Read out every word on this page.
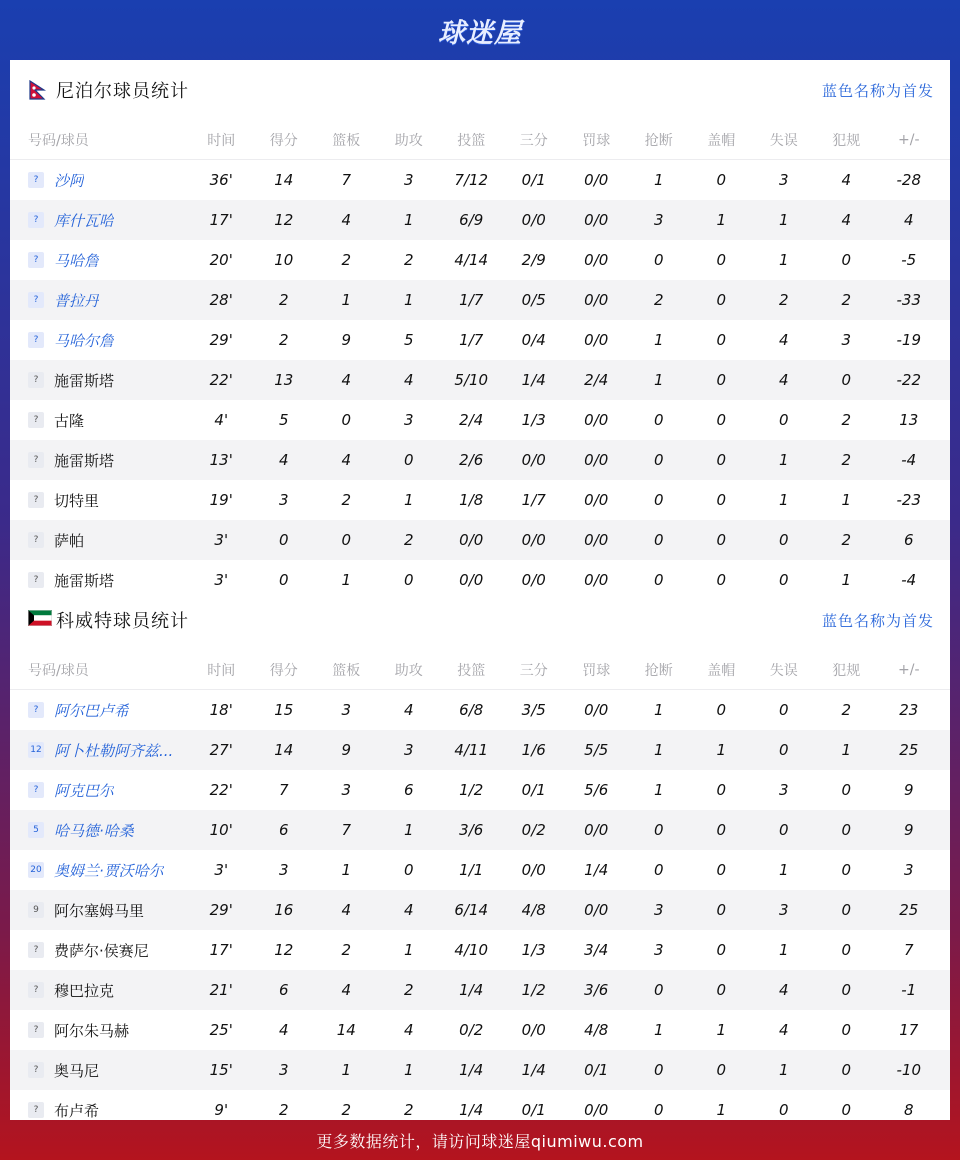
球迷屋
尼泊尔球员统计	蓝色名称为首发
号码/球员	时间	得分	篮板	助攻	投篮	三分	罚球	抢断	盖帽	失误	犯规	+/-
?	沙阿	36'	14	7	3	7/12	0/1	0/0	1	0	3	4	-28
?	库什瓦哈	17'	12	4	1	6/9	0/0	0/0	3	1	1	4	4
?	马哈詹	20'	10	2	2	4/14	2/9	0/0	0	0	1	0	-5
?	普拉丹	28'	2	1	1	1/7	0/5	0/0	2	0	2	2	-33
?	马哈尔詹	29'	2	9	5	1/7	0/4	0/0	1	0	4	3	-19
?	施雷斯塔	22'	13	4	4	5/10	1/4	2/4	1	0	4	0	-22
?	古隆	4'	5	0	3	2/4	1/3	0/0	0	0	0	2	13
?	施雷斯塔	13'	4	4	0	2/6	0/0	0/0	0	0	1	2	-4
?	切特里	19'	3	2	1	1/8	1/7	0/0	0	0	1	1	-23
?	萨帕	3'	0	0	2	0/0	0/0	0/0	0	0	0	2	6
?	施雷斯塔	3'	0	1	0	0/0	0/0	0/0	0	0	0	1	-4
科威特球员统计	蓝色名称为首发
号码/球员	时间	得分	篮板	助攻	投篮	三分	罚球	抢断	盖帽	失误	犯规	+/-
?	阿尔巴卢希	18'	15	3	4	6/8	3/5	0/0	1	0	0	2	23
12 阿卜杜勒阿齐兹...	27'	14	9	3	4/11	1/6	5/5	1	1	0	1	25
?	阿克巴尔	22'	7	3	6	1/2	0/1	5/6	1	0	3	0	9
5	哈马德·哈桑	10'	6	7	1	3/6	0/2	0/0	0	0	0	0	9
20 奥姆兰·贾沃哈尔	3'	3	1	0	1/1	0/0	1/4	0	0	1	0	3
9	阿尔塞姆马里	29'	16	4	4	6/14	4/8	0/0	3	0	3	0	25
?	费萨尔·侯赛尼	17'	12	2	1	4/10	1/3	3/4	3	0	1	0	7
?	穆巴拉克	21'	6	4	2	1/4	1/2	3/6	0	0	4	0	-1
?	阿尔朱马赫	25'	4	14	4	0/2	0/0	4/8	1	1	4	0	17
?	奥马尼	15'	3	1	1	1/4	1/4	0/1	0	0	1	0	-10
?	布卢希	9'	2	2	2	1/4	0/1	0/0	0	1	0	0	8
更多数据统计，请访问球迷屋qiumiwu.com
